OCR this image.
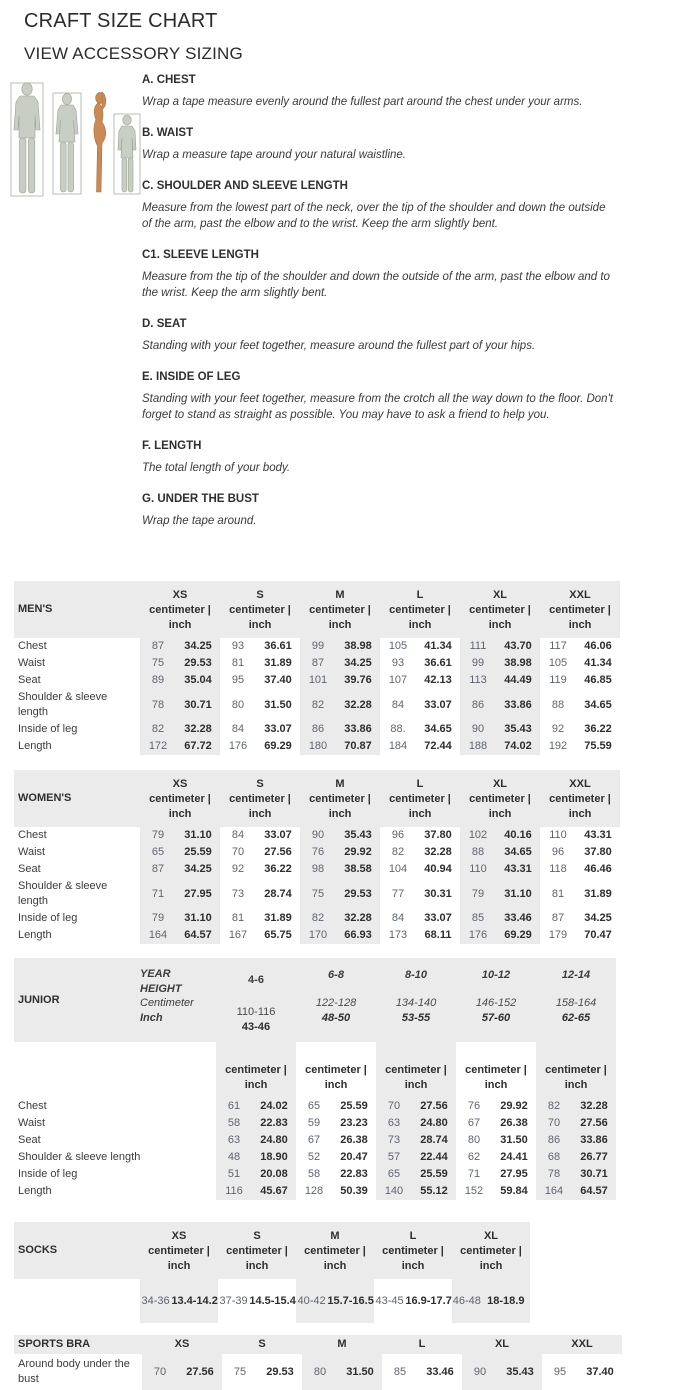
CRAFT SIZE CHART
VIEW ACCESSORY SIZING
A. CHEST
Wrap a tape measure evenly around the fullest part around the chest under your arms.
B. WAIST
Wrap a measure tape around your natural waistline.
C. SHOULDER AND SLEEVE LENGTH
Measure from the lowest part of the neck, over the tip of the shoulder and down the outside of the arm, past the elbow and to the wrist. Keep the arm slightly bent.
C1. SLEEVE LENGTH
Measure from the tip of the shoulder and down the outside of the arm, past the elbow and to the wrist. Keep the arm slightly bent.
D. SEAT
Standing with your feet together, measure around the fullest part of your hips.
E. INSIDE OF LEG
Standing with your feet together, measure from the crotch all the way down to the floor. Don't forget to stand as straight as possible. You may have to ask a friend to help you.
F. LENGTH
The total length of your body.
G. UNDER THE BUST
Wrap the tape around.
MEN'S
XS
centimeter |
inch
S
centimeter |
inch
M
centimeter |
inch
L
centimeter |
inch
XL
centimeter |
inch
XXL
centimeter |
inch
Chest	87	34.25	93	36.61	99	38.98	105	41.34	111	43.70	117	46.06
Waist	75	29.53	81	31.89	87	34.25	93	36.61	99	38.98	105	41.34
Seat	89	35.04	95	37.40	101	39.76	107	42.13	113	44.49	119	46.85
Shoulder & sleeve length
78	30.71	80	31.50	82	32.28	84	33.07	86	33.86	88	34.65
Inside of leg	82	32.28	84	33.07	86	33.86	88.	34.65	90	35.43	92	36.22
Length	172	67.72	176	69.29	180	70.87	184	72.44	188	74.02	192	75.59
WOMEN'S
XS
centimeter |
inch
S
centimeter |
inch
M
centimeter |
inch
L
centimeter |
inch
XL
centimeter |
inch
XXL
centimeter |
inch
Chest	79	31.10	84	33.07	90	35.43	96	37.80	102	40.16	110	43.31
Waist	65	25.59	70	27.56	76	29.92	82	32.28	88	34.65	96	37.80
Seat	87	34.25	92	36.22	98	38.58	104	40.94	110	43.31	118	46.46
Shoulder & sleeve length
71	27.95	73	28.74	75	29.53	77	30.31	79	31.10	81	31.89
Inside of leg	79	31.10	81	31.89	82	32.28	84	33.07	85	33.46	87	34.25
Length	164	64.57	167	65.75	170	66.93	173	68.11	176	69.29	179	70.47
JUNIOR
YEAR
HEIGHT
Centimeter
Inch
4-6
110-116
43-46
6-8
122-128
48-50
8-10
134-140
53-55
10-12
146-152
57-60
12-14
158-164
62-65
centimeter |
inch
centimeter |
inch
centimeter |
inch
centimeter |
inch
centimeter |
inch
Chest	61	24.02	65	25.59	70	27.56	76	29.92	82	32.28
Waist	58	22.83	59	23.23	63	24.80	67	26.38	70	27.56
Seat	63	24.80	67	26.38	73	28.74	80	31.50	86	33.86
Shoulder & sleeve length	48	18.90	52	20.47	57	22.44	62	24.41	68	26.77
Inside of leg	51	20.08	58	22.83	65	25.59	71	27.95	78	30.71
Length	116	45.67	128	50.39	140	55.12	152	59.84	164	64.57
SOCKS
XS
centimeter |
inch
S
centimeter |
inch
M
centimeter |
inch
L
centimeter |
inch
XL
centimeter |
inch
34-36 13.4-14.2 37-39 14.5-15.4 40-42 15.7-16.5 43-45 16.9-17.7 46-48 18-18.9
SPORTS BRA	XS	S	M	L	XL	XXL
Around body under the bust
70	27.56	75	29.53	80	31.50	85	33.46	90	35.43	95	37.40
